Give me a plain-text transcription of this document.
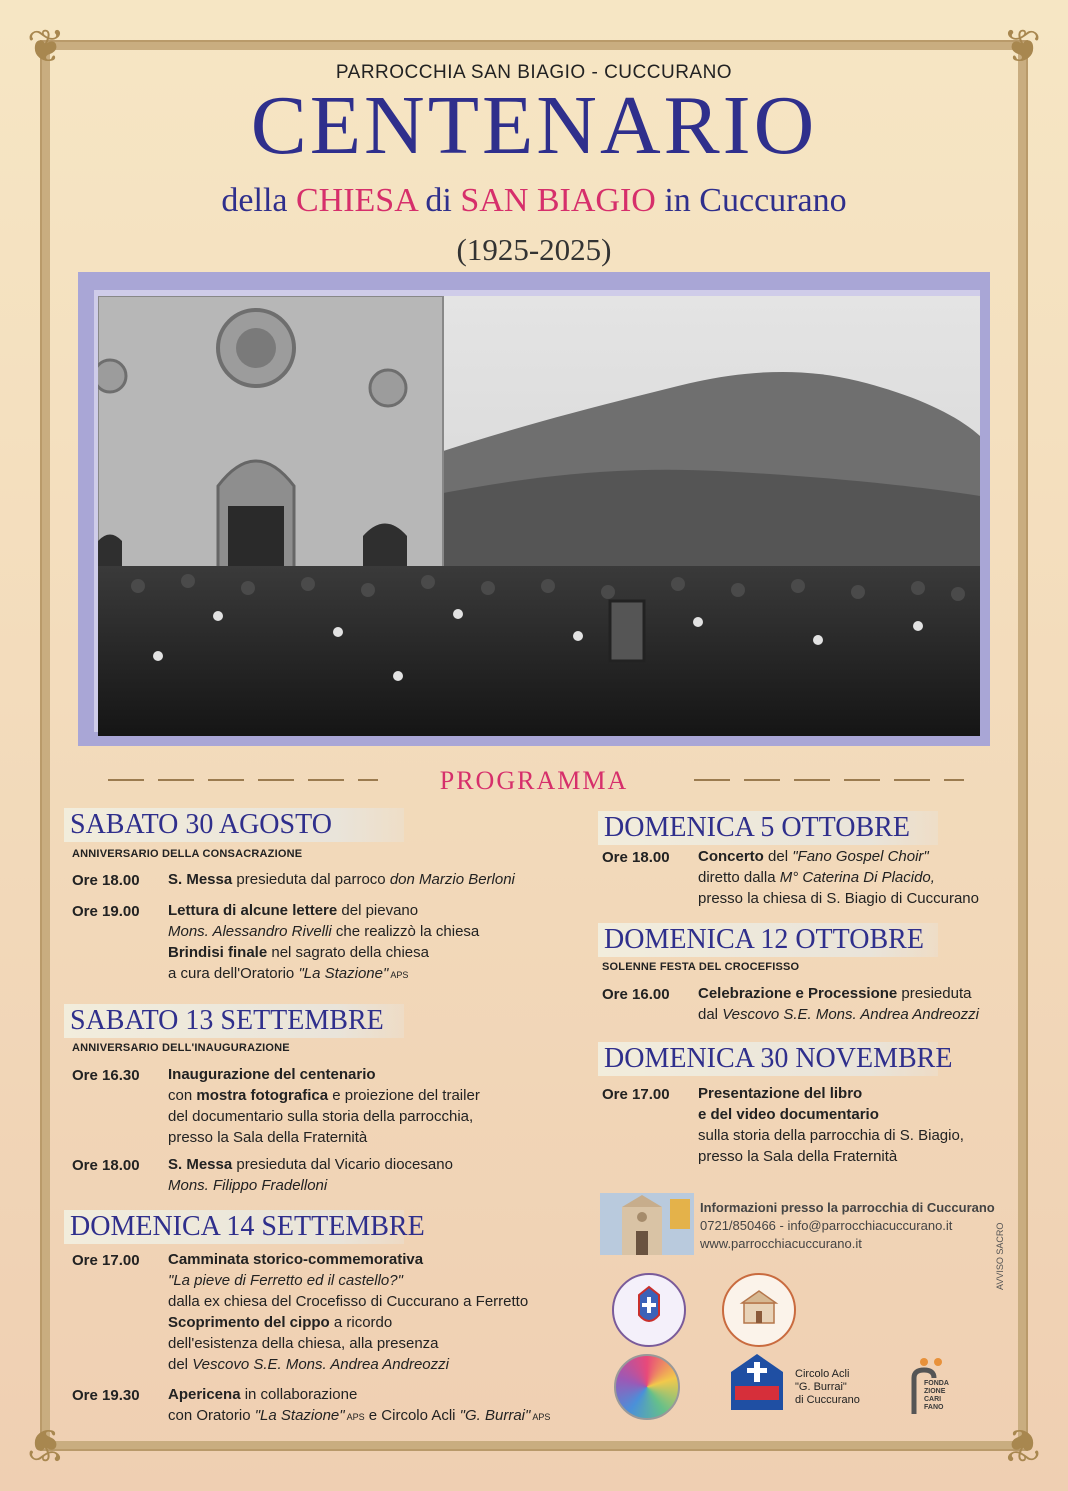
❦	❦
❦	❦
PARROCCHIA SAN BIAGIO - CUCCURANO
CENTENARIO
della CHIESA di SAN BIAGIO in Cuccurano
(1925-2025)
PROGRAMMA
SABATO 30 AGOSTO
ANNIVERSARIO DELLA CONSACRAZIONE
Ore 18.00 S. Messa presieduta dal parroco don Marzio Berloni
Ore 19.00 Lettura di alcune lettere del pievano
Mons. Alessandro Rivelli che realizzò la chiesa
Brindisi finale nel sagrato della chiesa
a cura dell'Oratorio "La Stazione" APS
SABATO 13 SETTEMBRE
ANNIVERSARIO DELL'INAUGURAZIONE
Ore 16.30 Inaugurazione del centenario
con mostra fotografica e proiezione del trailer
del documentario sulla storia della parrocchia,
presso la Sala della Fraternità
Ore 18.00 S. Messa presieduta dal Vicario diocesano
Mons. Filippo Fradelloni
DOMENICA 14 SETTEMBRE
Ore 17.00 Camminata storico-commemorativa
"La pieve di Ferretto ed il castello?"
dalla ex chiesa del Crocefisso di Cuccurano a Ferretto
Scoprimento del cippo a ricordo
dell'esistenza della chiesa, alla presenza
del Vescovo S.E. Mons. Andrea Andreozzi
Ore 19.30 Apericena in collaborazione
con Oratorio "La Stazione" APS e Circolo Acli "G. Burrai" APS
DOMENICA 5 OTTOBRE
Ore 18.00 Concerto del "Fano Gospel Choir"
diretto dalla M° Caterina Di Placido,
presso la chiesa di S. Biagio di Cuccurano
DOMENICA 12 OTTOBRE
SOLENNE FESTA DEL CROCEFISSO
Ore 16.00 Celebrazione e Processione presieduta
dal Vescovo S.E. Mons. Andrea Andreozzi
DOMENICA 30 NOVEMBRE
Ore 17.00 Presentazione del libro
e del video documentario
sulla storia della parrocchia di S. Biagio,
presso la Sala della Fraternità
Informazioni presso la parrocchia di Cuccurano
0721/850466 - info@parrocchiacuccurano.it
www.parrocchiacuccurano.it
Circolo Acli
"G. Burrai"
di Cuccurano
FONDA
ZIONE
CARI
FANO
AVVISO SACRO
